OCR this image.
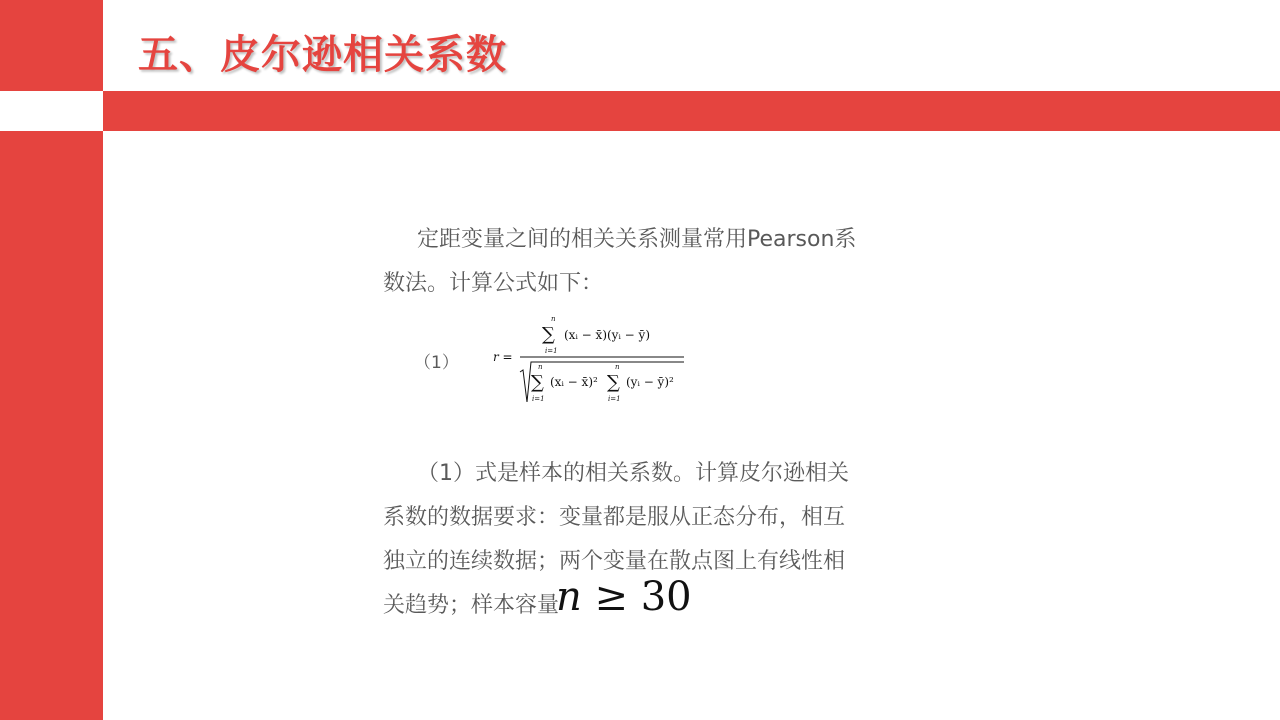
五、皮尔逊相关系数
定距变量之间的相关关系测量常用Pearson系
数法。计算公式如下：
（1）	r =
n
∑
i=1
(xᵢ − x̄)(yᵢ − ȳ)
n
∑
i=1
(xᵢ − x̄)²
n
∑
i=1
(yᵢ − ȳ)²
（1）式是样本的相关系数。计算皮尔逊相关
系数的数据要求：变量都是服从正态分布，相互
独立的连续数据；两个变量在散点图上有线性相
关趋势；样本容量
n ≥ 30
